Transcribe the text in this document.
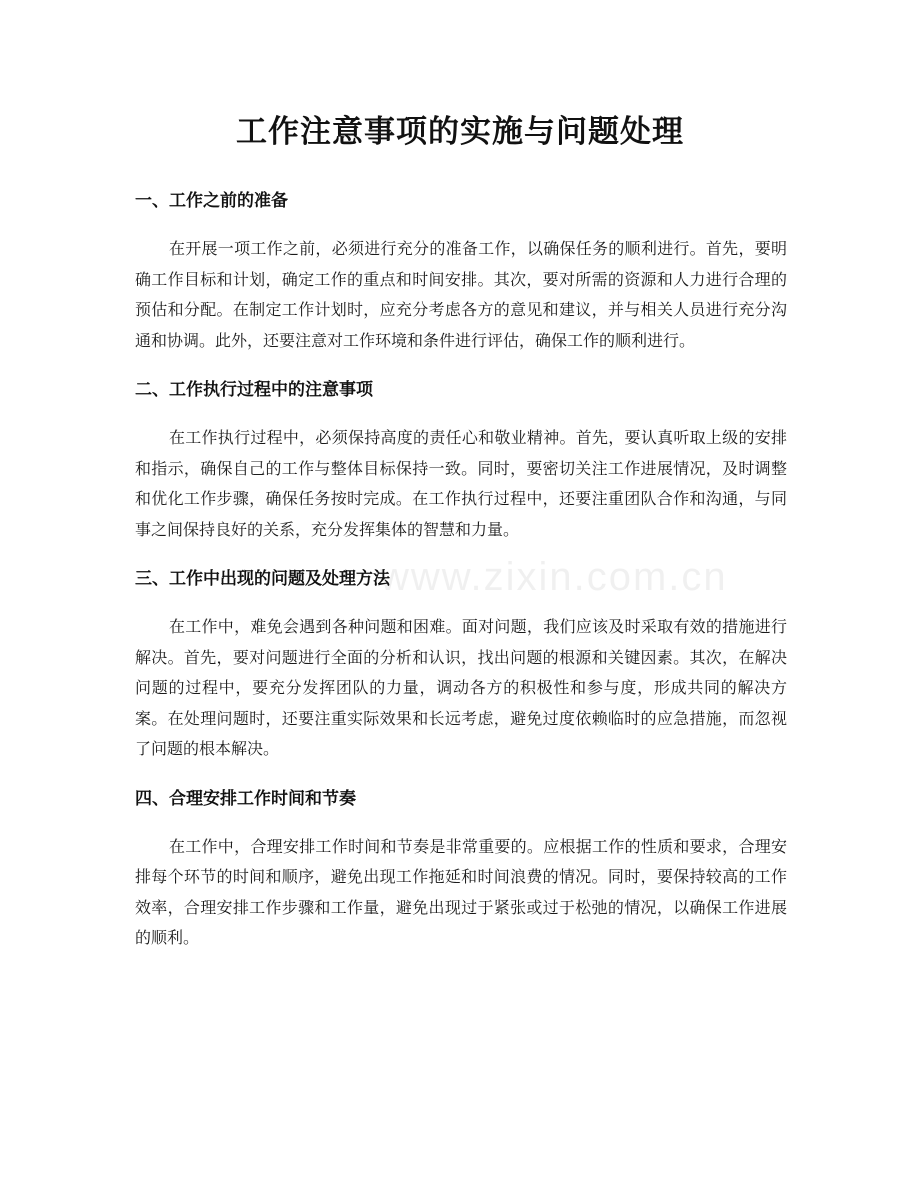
工作注意事项的实施与问题处理
www.zixin.com.cn
一、工作之前的准备

在开展一项工作之前，必须进行充分的准备工作，以确保任务的顺利进行。首先，要明确工作目标和计划，确定工作的重点和时间安排。其次，要对所需的资源和人力进行合理的预估和分配。在制定工作计划时，应充分考虑各方的意见和建议，并与相关人员进行充分沟通和协调。此外，还要注意对工作环境和条件进行评估，确保工作的顺利进行。

二、工作执行过程中的注意事项

在工作执行过程中，必须保持高度的责任心和敬业精神。首先，要认真听取上级的安排和指示，确保自己的工作与整体目标保持一致。同时，要密切关注工作进展情况，及时调整和优化工作步骤，确保任务按时完成。在工作执行过程中，还要注重团队合作和沟通，与同事之间保持良好的关系，充分发挥集体的智慧和力量。

三、工作中出现的问题及处理方法

在工作中，难免会遇到各种问题和困难。面对问题，我们应该及时采取有效的措施进行解决。首先，要对问题进行全面的分析和认识，找出问题的根源和关键因素。其次，在解决问题的过程中，要充分发挥团队的力量，调动各方的积极性和参与度，形成共同的解决方案。在处理问题时，还要注重实际效果和长远考虑，避免过度依赖临时的应急措施，而忽视了问题的根本解决。

四、合理安排工作时间和节奏

在工作中，合理安排工作时间和节奏是非常重要的。应根据工作的性质和要求，合理安排每个环节的时间和顺序，避免出现工作拖延和时间浪费的情况。同时，要保持较高的工作效率，合理安排工作步骤和工作量，避免出现过于紧张或过于松弛的情况，以确保工作进展的顺利。
